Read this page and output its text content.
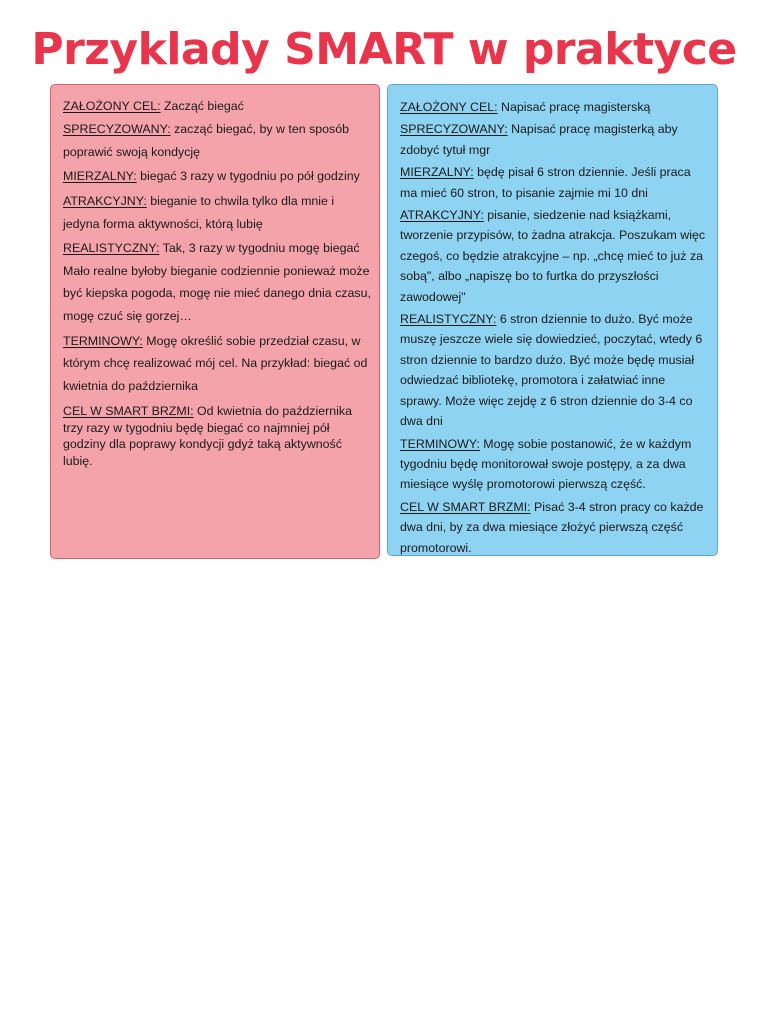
Przyklady SMART w praktyce

ZAŁOŻONY CEL: Zacząć biegać

SPRECYZOWANY: zacząć biegać, by w ten sposób poprawić swoją kondycję

MIERZALNY: biegać 3 razy w tygodniu po pół godziny

ATRAKCYJNY: bieganie to chwila tylko dla mnie i jedyna forma aktywności, którą lubię

REALISTYCZNY: Tak, 3 razy w tygodniu mogę biegać Mało realne byłoby bieganie codziennie ponieważ może być kiepska pogoda, mogę nie mieć danego dnia czasu, mogę czuć się gorzej…

TERMINOWY: Mogę określić sobie przedział czasu, w którym chcę realizować mój cel. Na przykład: biegać od kwietnia do października

CEL W SMART BRZMI: Od kwietnia do października trzy razy w tygodniu będę biegać co najmniej pół godziny dla poprawy kondycji gdyż taką aktywność lubię.

ZAŁOŻONY CEL: Napisać pracę magisterską

SPRECYZOWANY: Napisać pracę magisterką aby zdobyć tytuł mgr

MIERZALNY: będę pisał 6 stron dziennie. Jeśli praca ma mieć 60 stron, to pisanie zajmie mi 10 dni

ATRAKCYJNY: pisanie, siedzenie nad książkami, tworzenie przypisów, to żadna atrakcja. Poszukam więc czegoś, co będzie atrakcyjne – np. „chcę mieć to już za sobą", albo „napiszę bo to furtka do przyszłości zawodowej"

REALISTYCZNY: 6 stron dziennie to dużo. Być może muszę jeszcze wiele się dowiedzieć, poczytać, wtedy 6 stron dziennie to bardzo dużo. Być może będę musiał odwiedzać bibliotekę, promotora i załatwiać inne sprawy. Może więc zejdę z 6 stron dziennie do 3-4 co dwa dni

TERMINOWY: Mogę sobie postanowić, że w każdym tygodniu będę monitorował swoje postępy, a za dwa miesiące wyślę promotorowi pierwszą część.

CEL W SMART BRZMI: Pisać 3-4 stron pracy co każde dwa dni, by za dwa miesiące złożyć pierwszą część promotorowi.
